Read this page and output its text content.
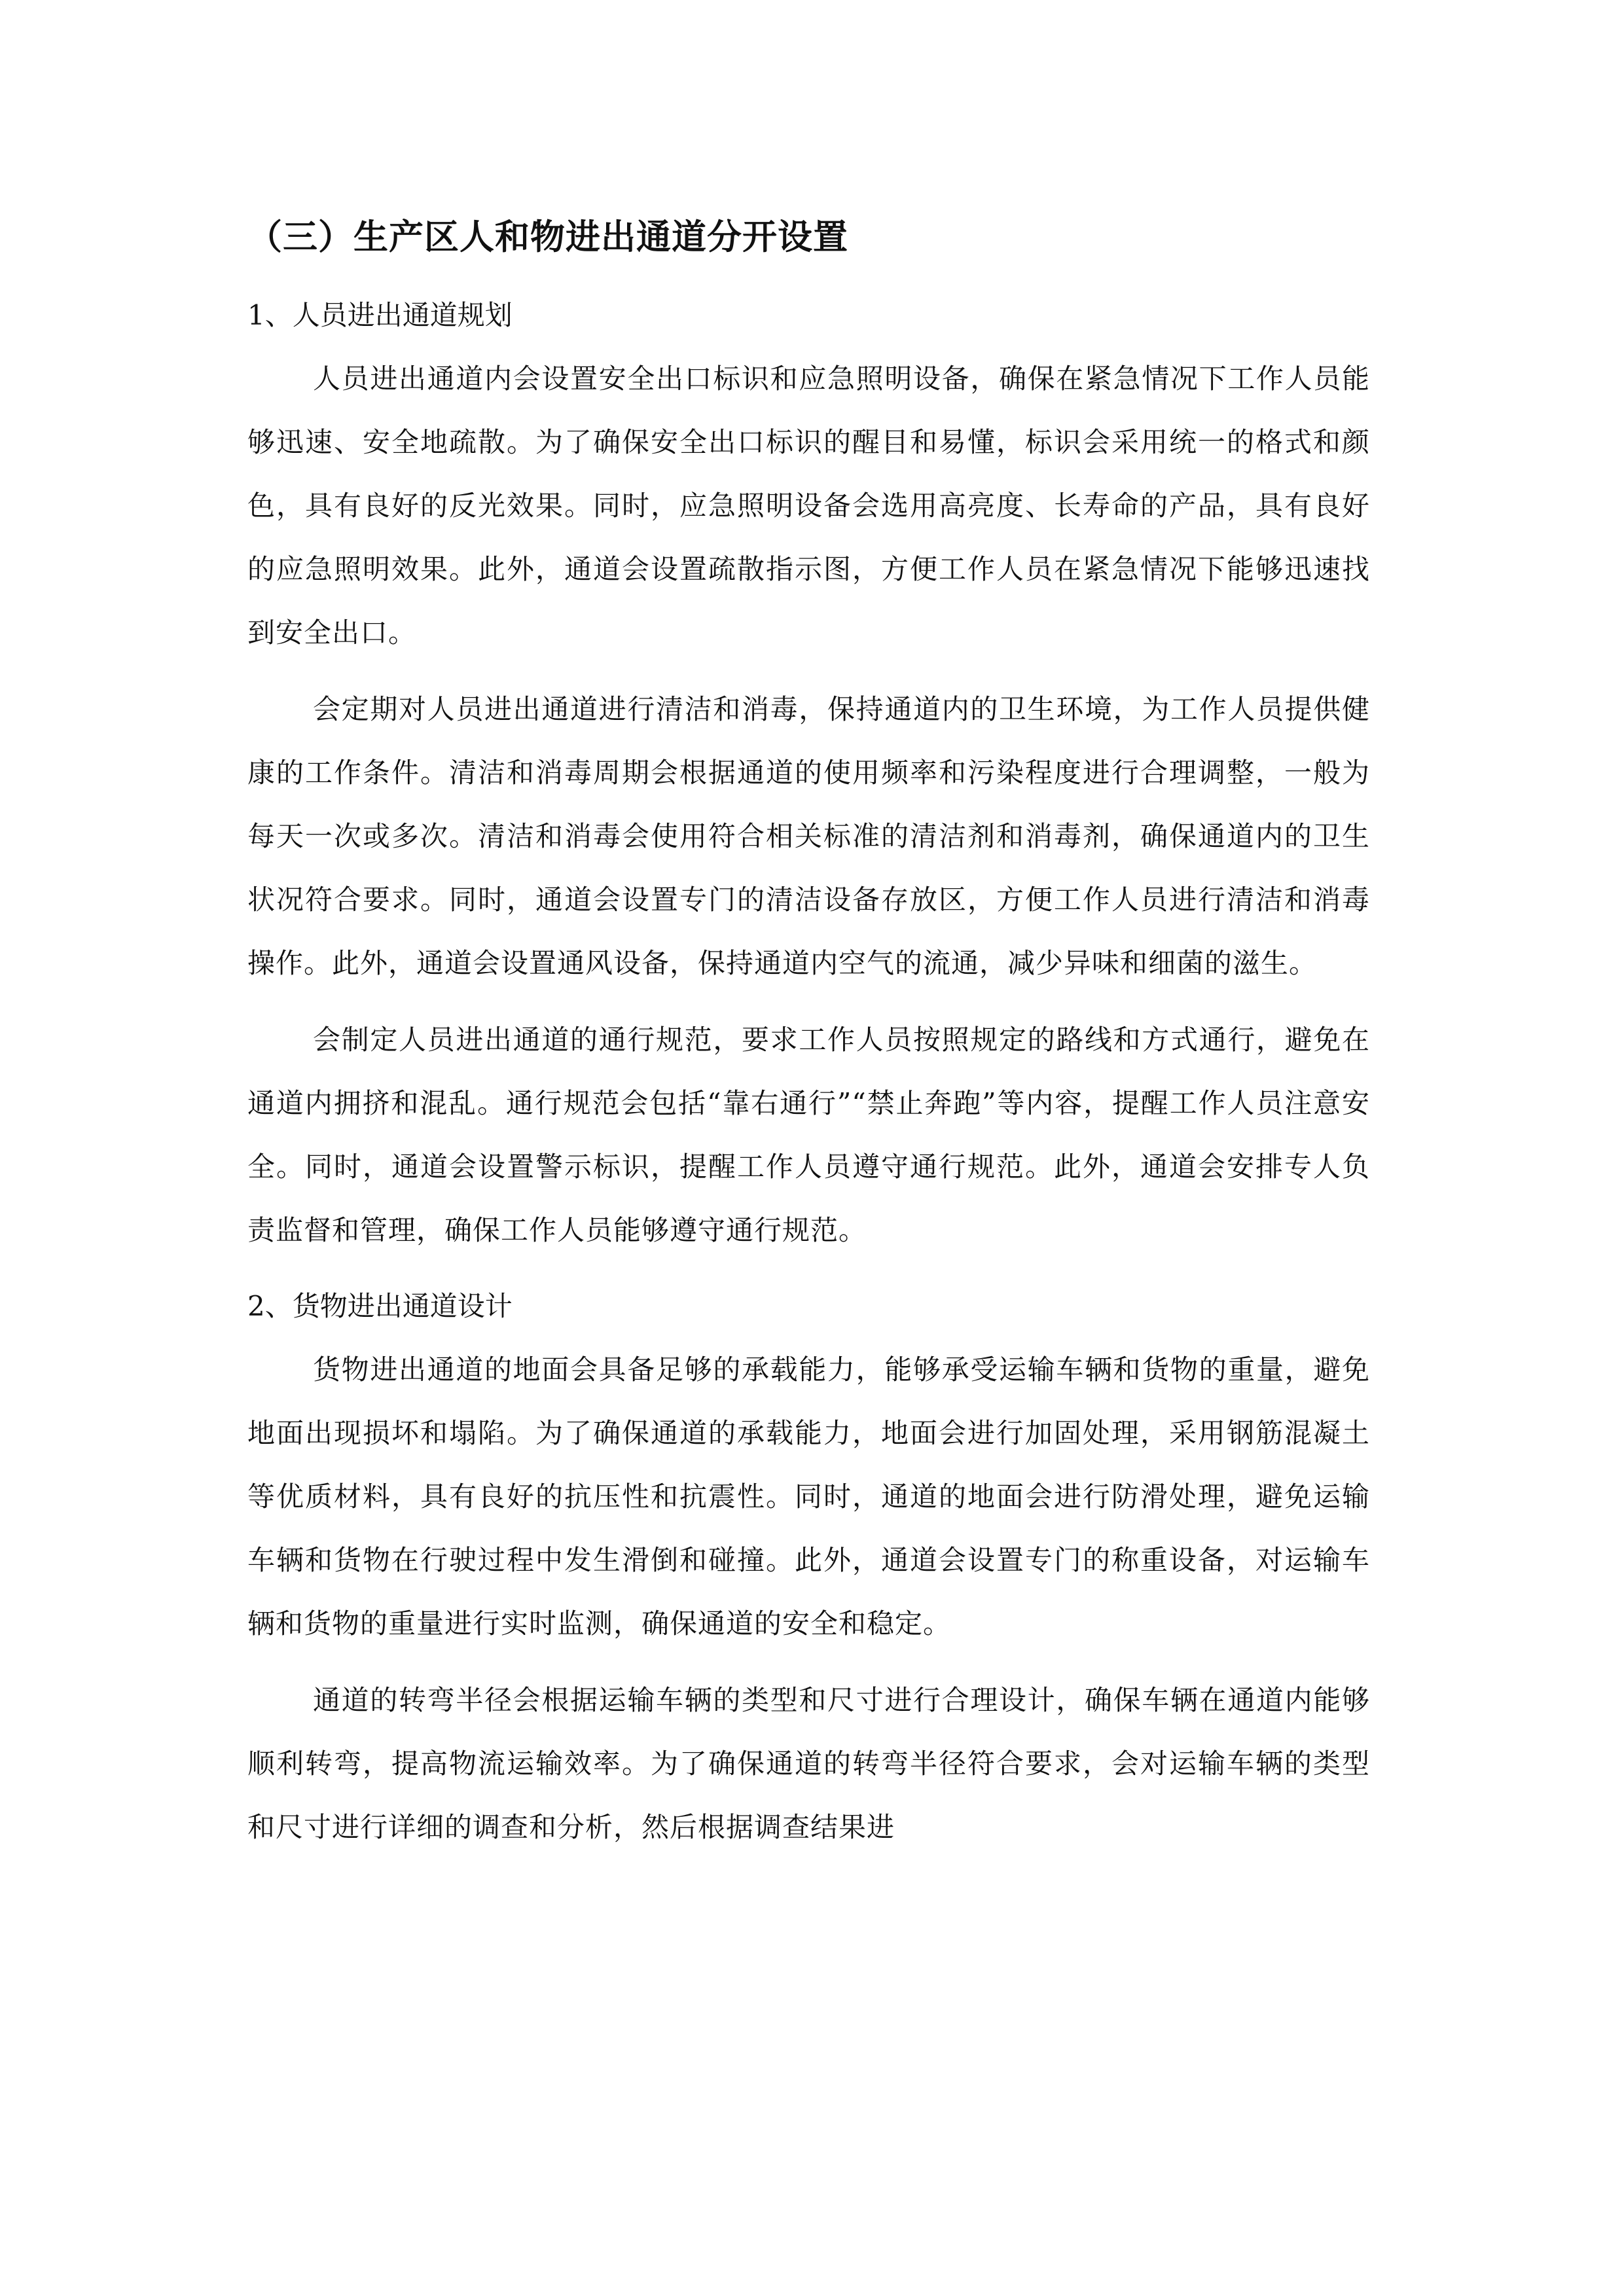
（三）生产区人和物进出通道分开设置
1、人员进出通道规划

人员进出通道内会设置安全出口标识和应急照明设备，确保在紧急情况下工作人员能够迅速、安全地疏散。为了确保安全出口标识的醒目和易懂，标识会采用统一的格式和颜色，具有良好的反光效果。同时，应急照明设备会选用高亮度、长寿命的产品，具有良好的应急照明效果。此外，通道会设置疏散指示图，方便工作人员在紧急情况下能够迅速找到安全出口。

会定期对人员进出通道进行清洁和消毒，保持通道内的卫生环境，为工作人员提供健康的工作条件。清洁和消毒周期会根据通道的使用频率和污染程度进行合理调整，一般为每天一次或多次。清洁和消毒会使用符合相关标准的清洁剂和消毒剂，确保通道内的卫生状况符合要求。同时，通道会设置专门的清洁设备存放区，方便工作人员进行清洁和消毒操作。此外，通道会设置通风设备，保持通道内空气的流通，减少异味和细菌的滋生。

会制定人员进出通道的通行规范，要求工作人员按照规定的路线和方式通行，避免在通道内拥挤和混乱。通行规范会包括“靠右通行”“禁止奔跑”等内容，提醒工作人员注意安全。同时，通道会设置警示标识，提醒工作人员遵守通行规范。此外，通道会安排专人负责监督和管理，确保工作人员能够遵守通行规范。

2、货物进出通道设计

货物进出通道的地面会具备足够的承载能力，能够承受运输车辆和货物的重量，避免地面出现损坏和塌陷。为了确保通道的承载能力，地面会进行加固处理，采用钢筋混凝土等优质材料，具有良好的抗压性和抗震性。同时，通道的地面会进行防滑处理，避免运输车辆和货物在行驶过程中发生滑倒和碰撞。此外，通道会设置专门的称重设备，对运输车辆和货物的重量进行实时监测，确保通道的安全和稳定。

通道的转弯半径会根据运输车辆的类型和尺寸进行合理设计，确保车辆在通道内能够顺利转弯，提高物流运输效率。为了确保通道的转弯半径符合要求，会对运输车辆的类型和尺寸进行详细的调查和分析，然后根据调查结果进
